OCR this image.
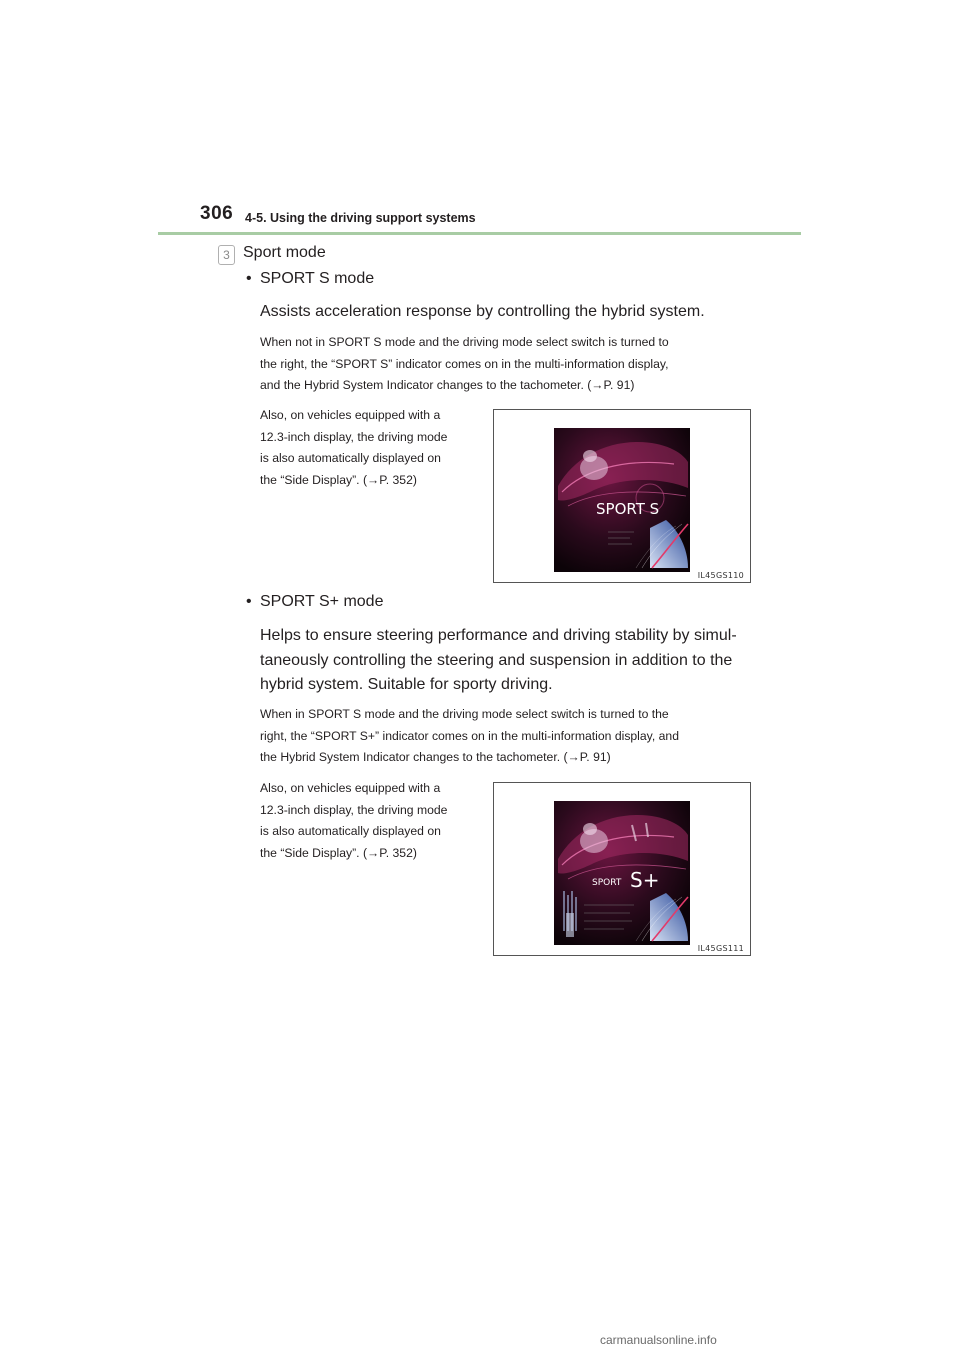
306 4-5. Using the driving support systems
3 Sport mode
• SPORT S mode
Assists acceleration response by controlling the hybrid system.
When not in SPORT S mode and the driving mode select switch is turned to
the right, the “SPORT S” indicator comes on in the multi-information display,
and the Hybrid System Indicator changes to the tachometer. (→P. 91)
Also, on vehicles equipped with a
12.3-inch display, the driving mode
is also automatically displayed on
the “Side Display”. (→P. 352)
SPORT S
IL45GS110
• SPORT S+ mode
Helps to ensure steering performance and driving stability by simul-
taneously controlling the steering and suspension in addition to the
hybrid system. Suitable for sporty driving.
When in SPORT S mode and the driving mode select switch is turned to the
right, the “SPORT S+” indicator comes on in the multi-information display, and
the Hybrid System Indicator changes to the tachometer. (→P. 91)
Also, on vehicles equipped with a
12.3-inch display, the driving mode
is also automatically displayed on
the “Side Display”. (→P. 352)
SPORT S+
IL45GS111
carmanualsonline.info
